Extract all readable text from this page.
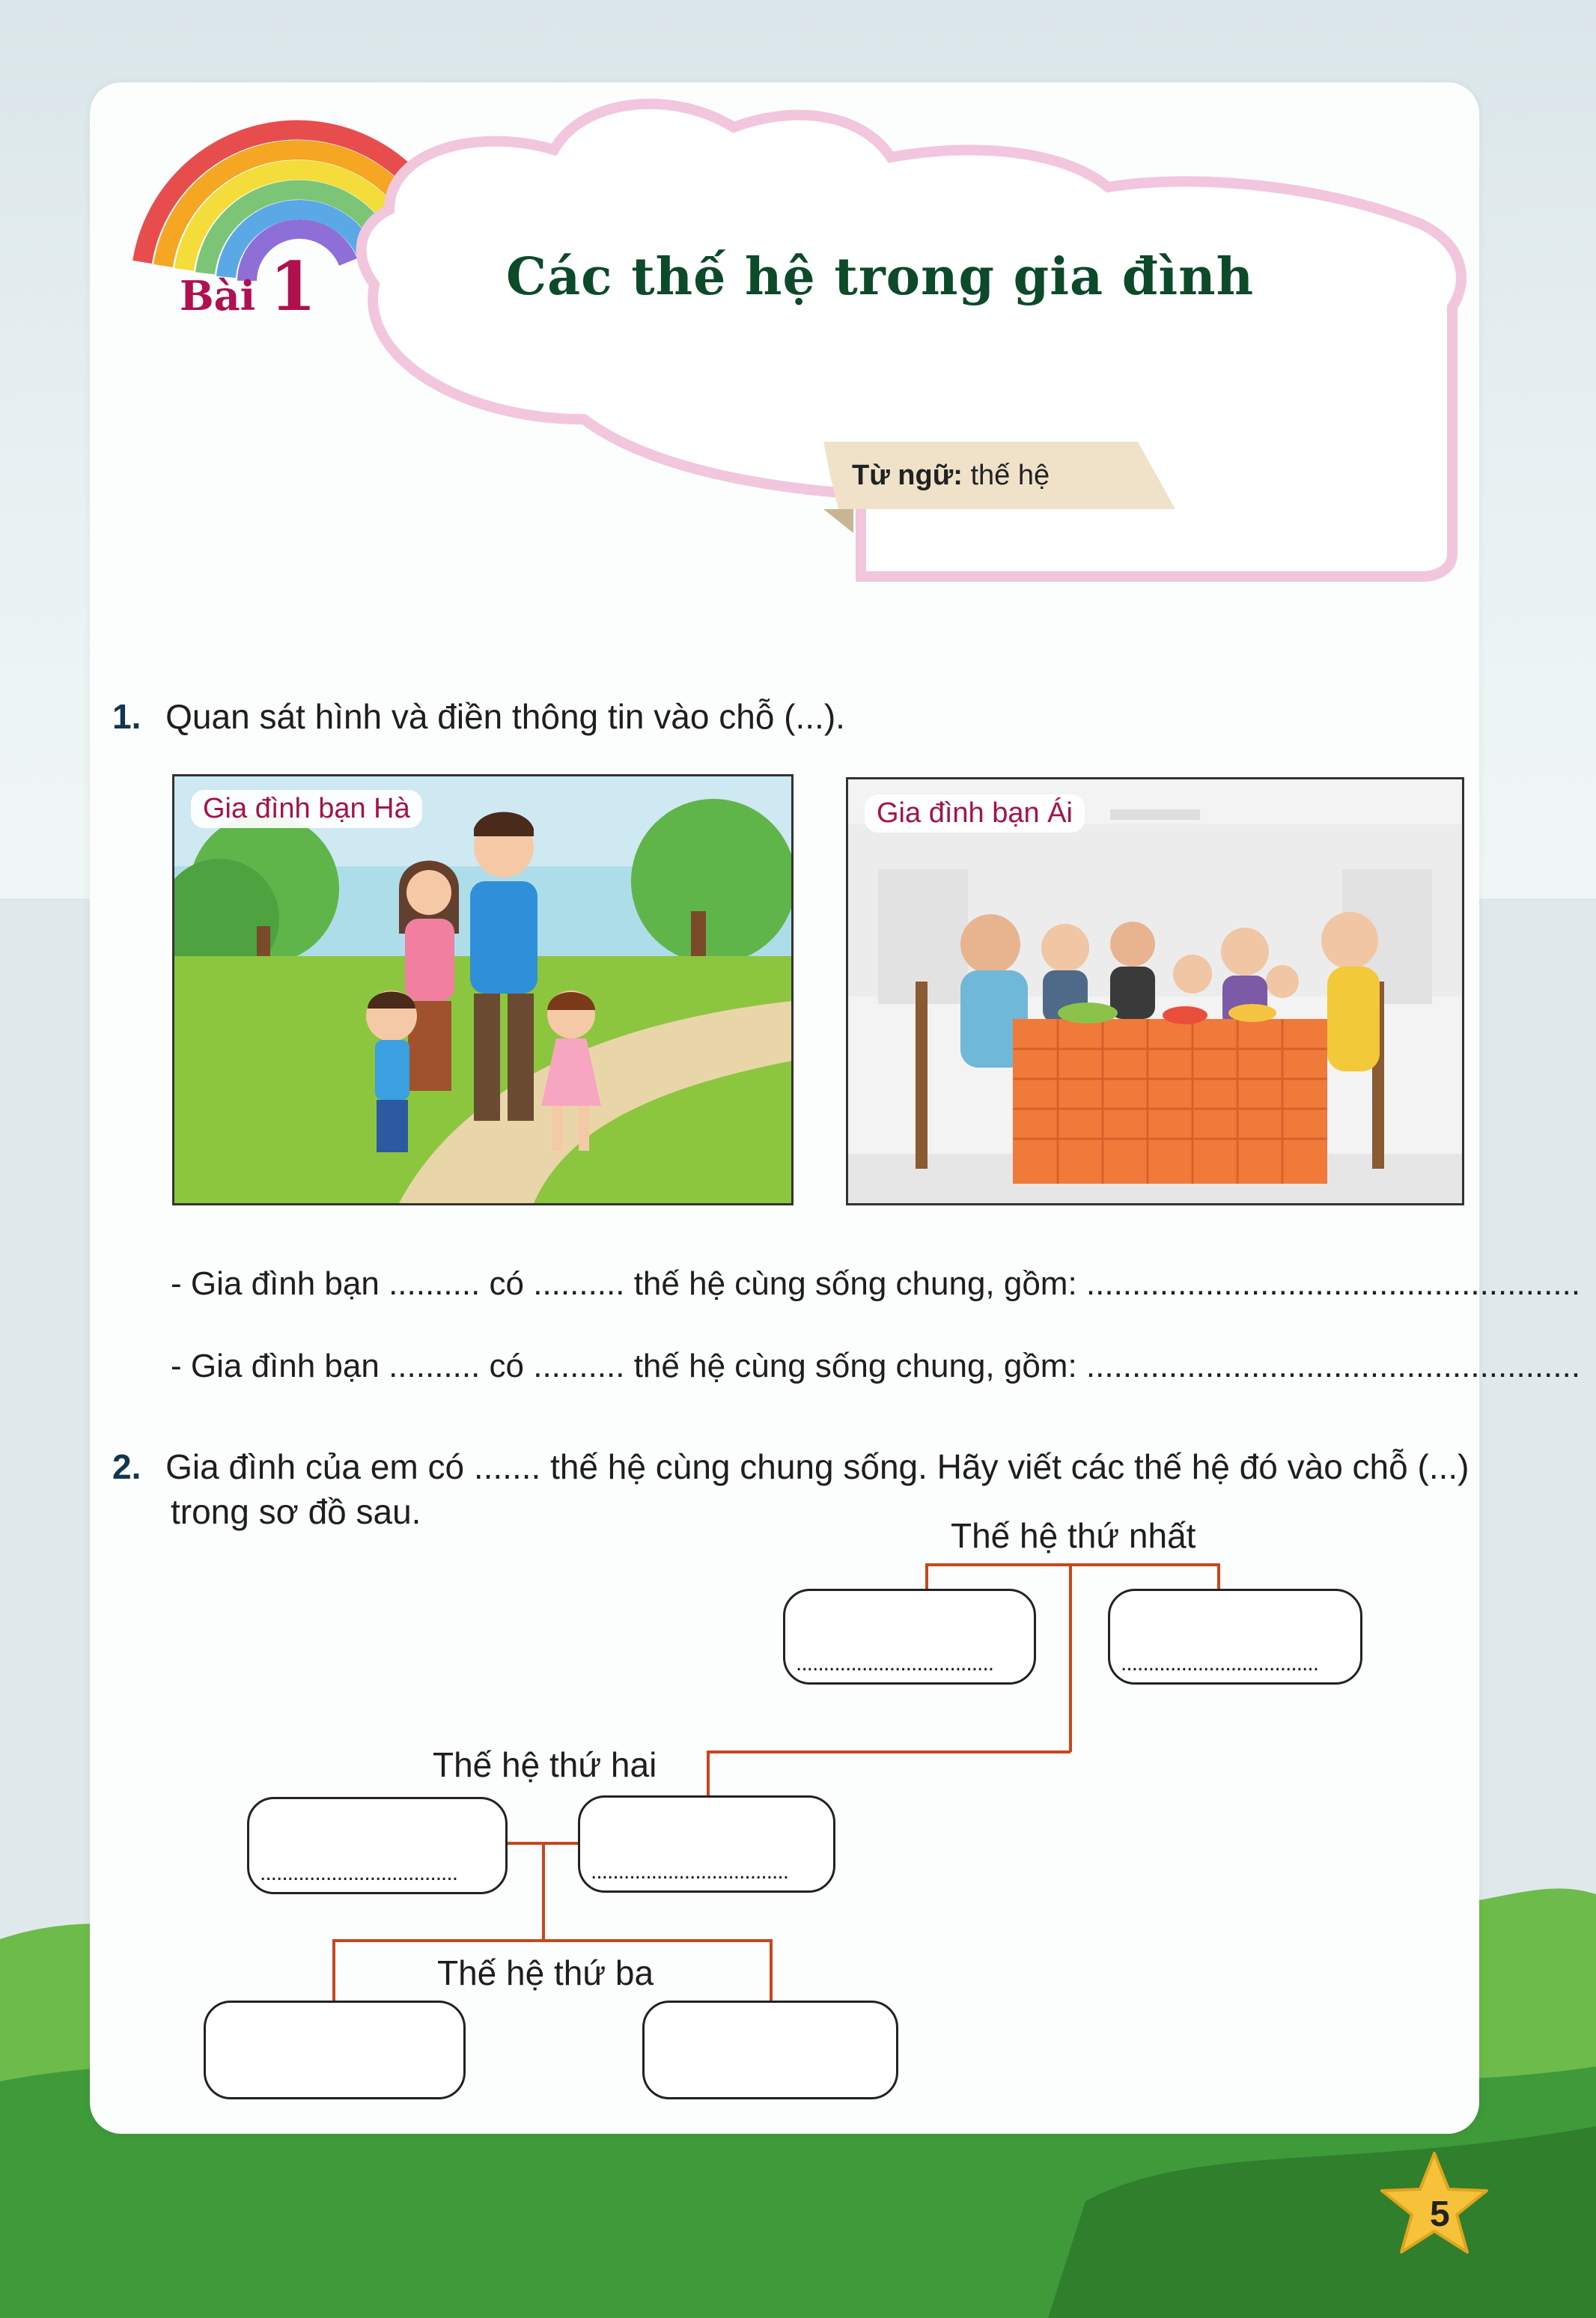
Bài 1	Các thế hệ trong gia đình
Từ ngữ: thế hệ
1. Quan sát hình và điền thông tin vào chỗ (...).
Gia đình bạn Hà	Gia đình bạn Ái
- Gia đình bạn .......... có .......... thế hệ cùng sống chung, gồm: ......................................................
- Gia đình bạn .......... có .......... thế hệ cùng sống chung, gồm: ......................................................
2. Gia đình của em có ....... thế hệ cùng chung sống. Hãy viết các thế hệ đó vào chỗ (...)
trong sơ đồ sau.
Thế hệ thứ nhất
Thế hệ thứ hai
Thế hệ thứ ba
....................................	....................................
....................................	....................................
5
